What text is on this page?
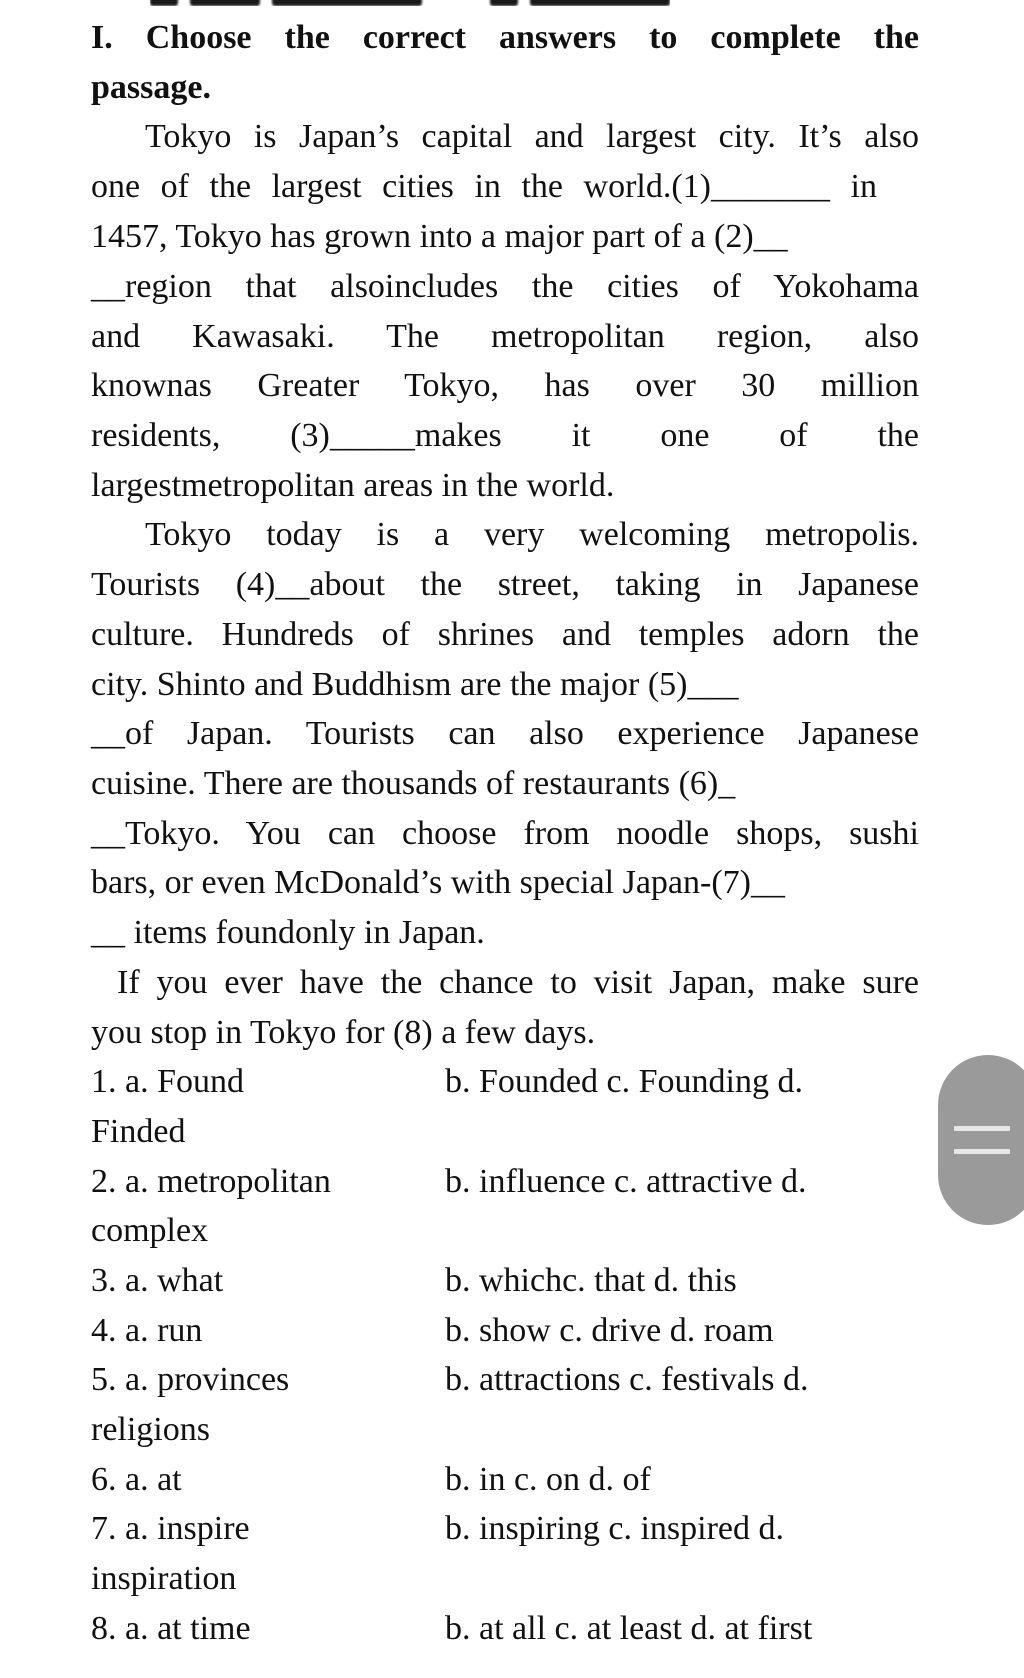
I. Choose the correct answers to complete the
passage.
Tokyo is Japan’s capital and largest city. It’s also
one of the largest cities in the world.(1)_______ in
1457, Tokyo has grown into a major part of a (2)__
__region that alsoincludes the cities of Yokohama
and Kawasaki. The metropolitan region, also
knownas Greater Tokyo, has over 30 million
residents, (3)_____makes it one of the
largestmetropolitan areas in the world.
Tokyo today is a very welcoming metropolis.
Tourists (4)__about the street, taking in Japanese
culture. Hundreds of shrines and temples adorn the
city. Shinto and Buddhism are the major (5)___
__of Japan. Tourists can also experience Japanese
cuisine. There are thousands of restaurants (6)_
__Tokyo. You can choose from noodle shops, sushi
bars, or even McDonald’s with special Japan-(7)__
__ items foundonly in Japan.
If you ever have the chance to visit Japan, make sure
you stop in Tokyo for (8) a few days.
1. a. Found	b. Founded c. Founding d.
Finded
2. a. metropolitan	b. influence c. attractive d.
complex
3. a. what	b. whichc. that d. this
4. a. run	b. show c. drive d. roam
5. a. provinces	b. attractions c. festivals d.
religions
6. a. at	b. in c. on d. of
7. a. inspire	b. inspiring c. inspired d.
inspiration
8. a. at time	b. at all c. at least d. at first
